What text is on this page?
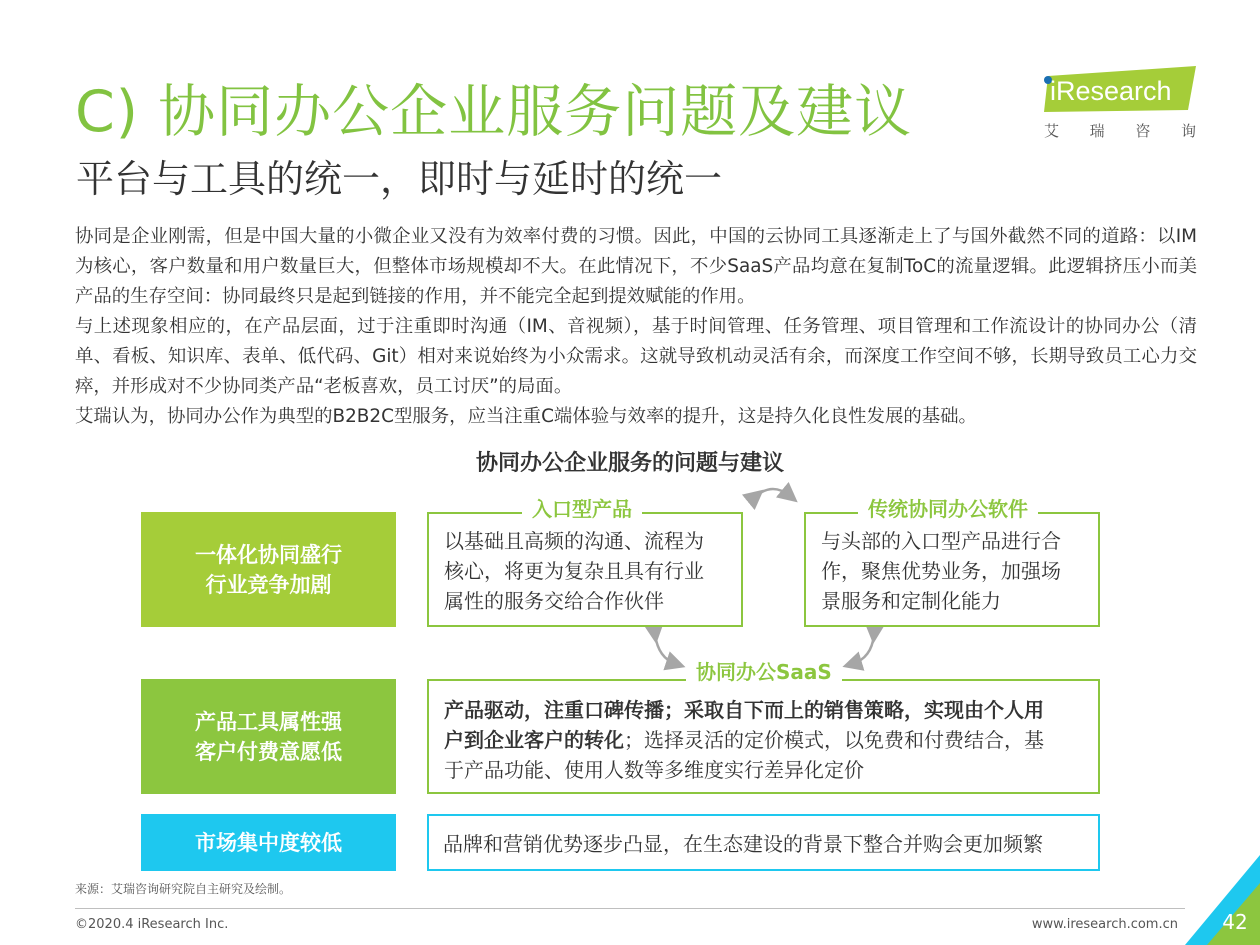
C) 协同办公企业服务问题及建议
平台与工具的统一，即时与延时的统一
iResearch
艾 瑞 咨 询

协同是企业刚需，但是中国大量的小微企业又没有为效率付费的习惯。因此，中国的云协同工具逐渐走上了与国外截然不同的道路：以IM为核心，客户数量和用户数量巨大，但整体市场规模却不大。在此情况下，不少SaaS产品均意在复制ToC的流量逻辑。此逻辑挤压小而美产品的生存空间：协同最终只是起到链接的作用，并不能完全起到提效赋能的作用。

与上述现象相应的，在产品层面，过于注重即时沟通（IM、音视频），基于时间管理、任务管理、项目管理和工作流设计的协同办公（清单、看板、知识库、表单、低代码、Git）相对来说始终为小众需求。这就导致机动灵活有余，而深度工作空间不够，长期导致员工心力交瘁，并形成对不少协同类产品“老板喜欢，员工讨厌”的局面。

艾瑞认为，协同办公作为典型的B2B2C型服务，应当注重C端体验与效率的提升，这是持久化良性发展的基础。

协同办公企业服务的问题与建议
一体化协同盛行
行业竞争加剧
产品工具属性强
客户付费意愿低
市场集中度较低
以基础且高频的沟通、流程为
核心，将更为复杂且具有行业
属性的服务交给合作伙伴
入口型产品
与头部的入口型产品进行合
作，聚焦优势业务，加强场
景服务和定制化能力
传统协同办公软件
产品驱动，注重口碑传播；采取自下而上的销售策略，实现由个人用
户到企业客户的转化；选择灵活的定价模式，以免费和付费结合，基
于产品功能、使用人数等多维度实行差异化定价
协同办公SaaS
品牌和营销优势逐步凸显，在生态建设的背景下整合并购会更加频繁
来源：艾瑞咨询研究院自主研究及绘制。
©2020.4 iResearch Inc.	www.iresearch.com.cn	42
